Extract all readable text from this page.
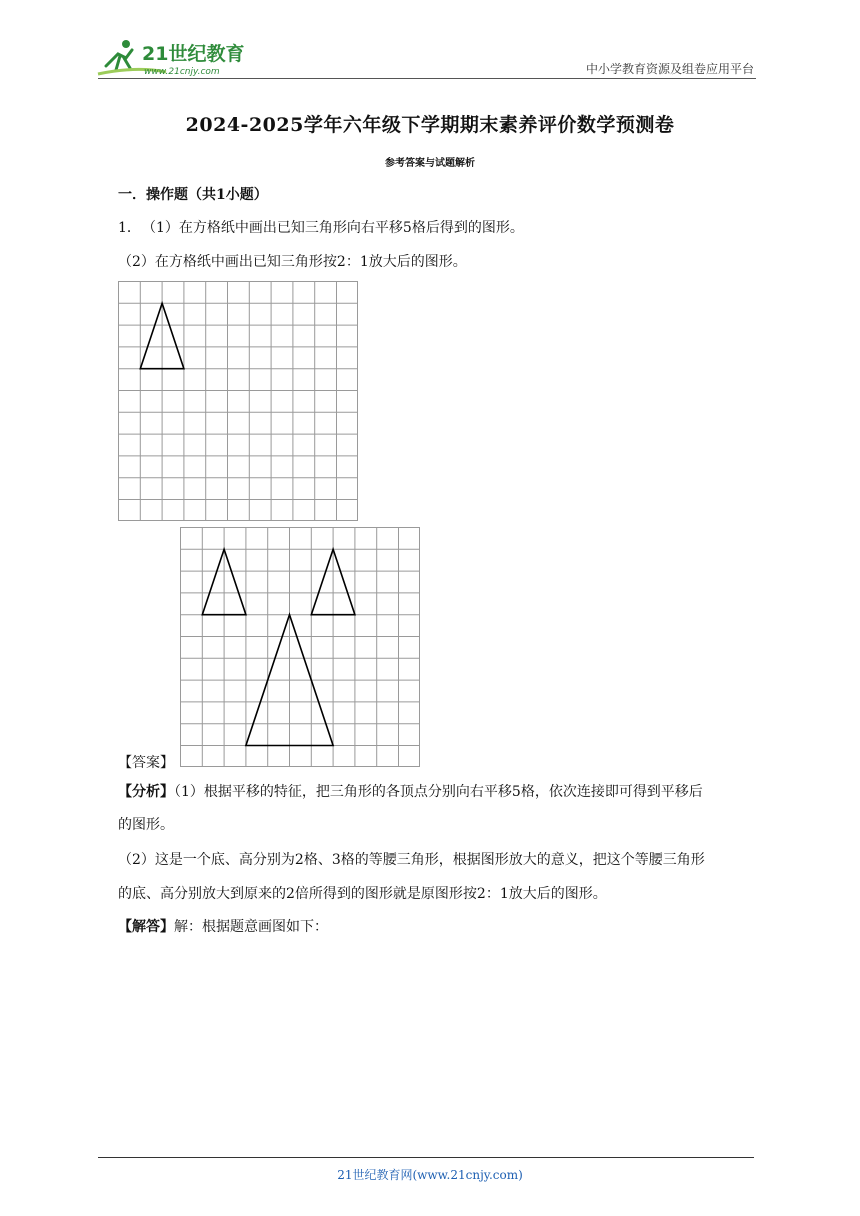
21世纪教育
www.21cnjy.com	中小学教育资源及组卷应用平台
2024-2025学年六年级下学期期末素养评价数学预测卷
参考答案与试题解析
一．操作题（共1小题）
1． （1）在方格纸中画出已知三角形向右平移5格后得到的图形。
（2）在方格纸中画出已知三角形按2：1放大后的图形。
【答案】
【分析】（1）根据平移的特征，把三角形的各顶点分别向右平移5格，依次连接即可得到平移后
的图形。
（2）这是一个底、高分别为2格、3格的等腰三角形，根据图形放大的意义，把这个等腰三角形
的底、高分别放大到原来的2倍所得到的图形就是原图形按2：1放大后的图形。
【解答】解：根据题意画图如下：
21世纪教育网(www.21cnjy.com)
